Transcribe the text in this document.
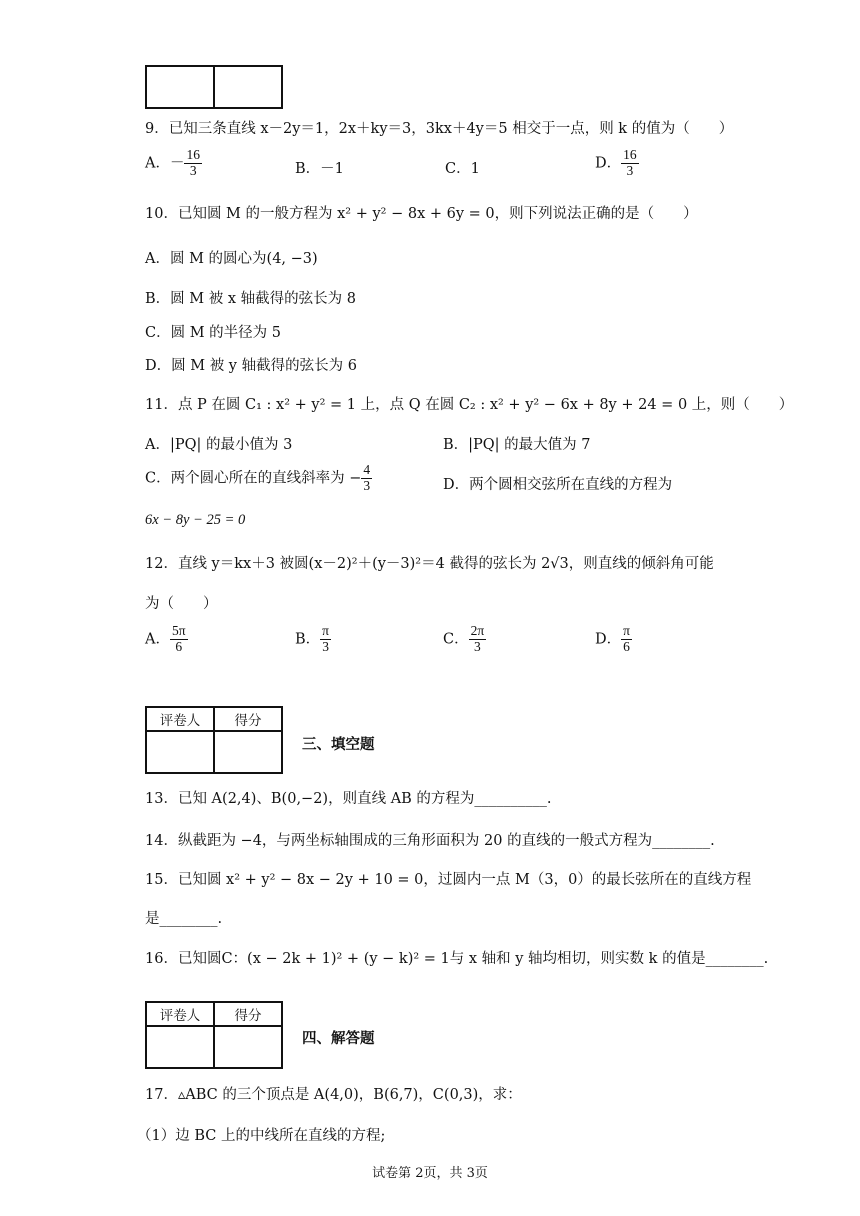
9．已知三条直线 x－2y＝1，2x＋ky＝3，3kx＋4y＝5 相交于一点，则 k 的值为（　　）
A．－ $\frac{16}{3}$	B．－1	C．1	D． $\frac{16}{3}$
10．已知圆 M 的一般方程为 x² + y² − 8x + 6y = 0，则下列说法正确的是（　　）
A．圆 M 的圆心为(4, −3)
B．圆 M 被 x 轴截得的弦长为 8
C．圆 M 的半径为 5
D．圆 M 被 y 轴截得的弦长为 6
11．点 P 在圆 C₁ : x² + y² = 1 上，点 Q 在圆 C₂ : x² + y² − 6x + 8y + 24 = 0 上，则（　　）
A．|PQ| 的最小值为 3	B．|PQ| 的最大值为 7
C．两个圆心所在的直线斜率为 − $\frac{4}{3}$	D．两个圆相交弦所在直线的方程为
6x − 8y − 25 = 0
12．直线 y＝kx＋3 被圆(x－2)²＋(y－3)²＝4 截得的弦长为 2√3，则直线的倾斜角可能
为（　　）
A． $\frac{5\pi}{6}$	B． $\frac{\pi}{3}$	C． $\frac{2\pi}{3}$	D． $\frac{\pi}{6}$
评卷人	得分

三、填空题
13．已知 A(2,4)、B(0,−2)，则直线 AB 的方程为__________.
14．纵截距为 −4，与两坐标轴围成的三角形面积为 20 的直线的一般式方程为________.
15．已知圆 x² + y² − 8x − 2y + 10 = 0，过圆内一点 M（3，0）的最长弦所在的直线方程
是________.
16．已知圆C：(x − 2k + 1)² + (y − k)² = 1与 x 轴和 y 轴均相切，则实数 k 的值是________.
评卷人	得分

四、解答题
17．▵ABC 的三个顶点是 A(4,0)，B(6,7)，C(0,3)，求：
（1）边 BC 上的中线所在直线的方程;
试卷第 2页，共 3页
